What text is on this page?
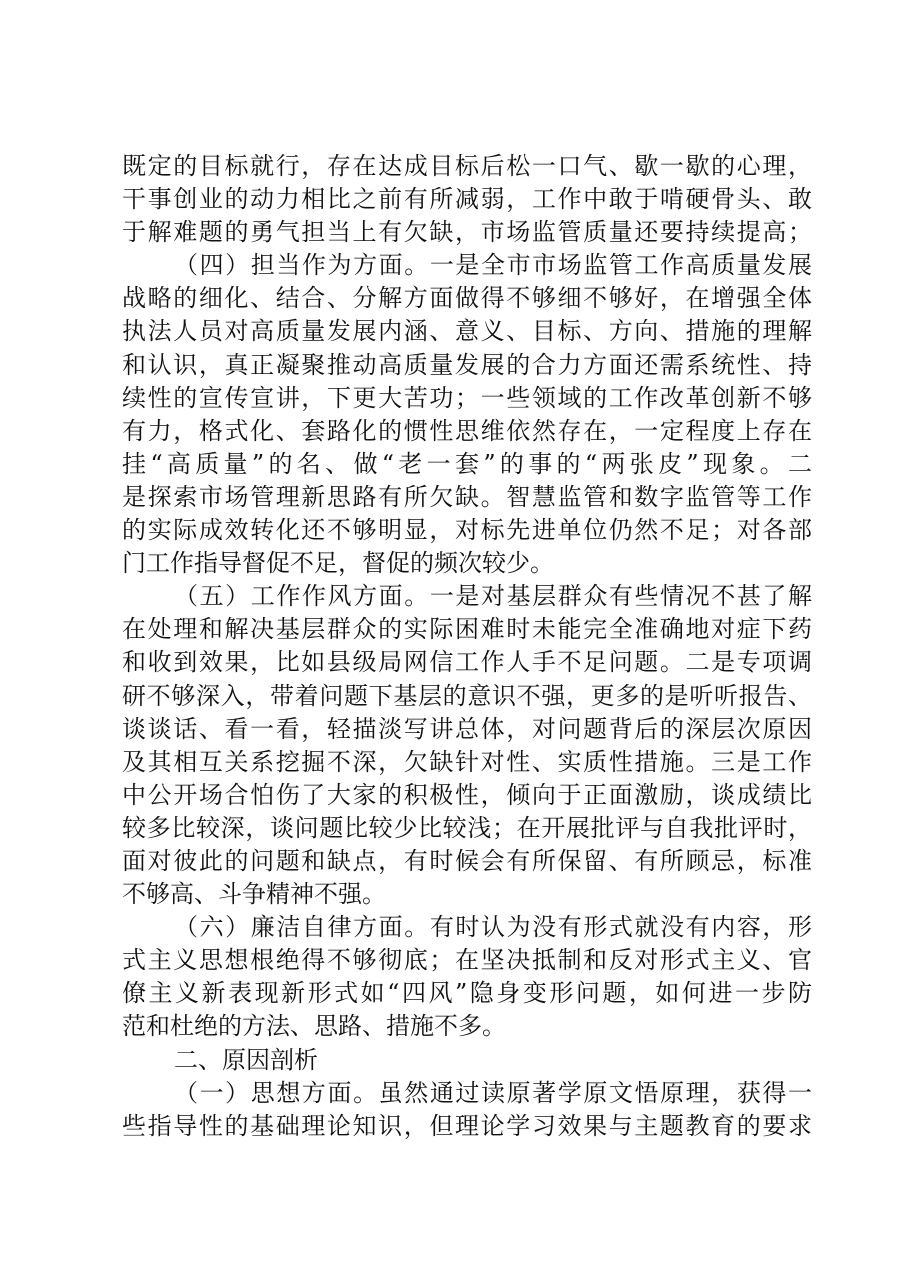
既定的目标就行，存在达成目标后松一口气、歇一歇的心理，
干事创业的动力相比之前有所减弱，工作中敢于啃硬骨头、敢
于解难题的勇气担当上有欠缺，市场监管质量还要持续提高；
（四）担当作为方面。一是全市市场监管工作高质量发展
战略的细化、结合、分解方面做得不够细不够好，在增强全体
执法人员对高质量发展内涵、意义、目标、方向、措施的理解
和认识，真正凝聚推动高质量发展的合力方面还需系统性、持
续性的宣传宣讲，下更大苦功；一些领域的工作改革创新不够
有力，格式化、套路化的惯性思维依然存在，一定程度上存在
挂“高质量”的名、做“老一套”的事的“两张皮”现象。二
是探索市场管理新思路有所欠缺。智慧监管和数字监管等工作
的实际成效转化还不够明显，对标先进单位仍然不足；对各部
门工作指导督促不足，督促的频次较少。
（五）工作作风方面。一是对基层群众有些情况不甚了解
在处理和解决基层群众的实际困难时未能完全准确地对症下药
和收到效果，比如县级局网信工作人手不足问题。二是专项调
研不够深入，带着问题下基层的意识不强，更多的是听听报告、
谈谈话、看一看，轻描淡写讲总体，对问题背后的深层次原因
及其相互关系挖掘不深，欠缺针对性、实质性措施。三是工作
中公开场合怕伤了大家的积极性，倾向于正面激励，谈成绩比
较多比较深，谈问题比较少比较浅；在开展批评与自我批评时，
面对彼此的问题和缺点，有时候会有所保留、有所顾忌，标准
不够高、斗争精神不强。
（六）廉洁自律方面。有时认为没有形式就没有内容，形
式主义思想根绝得不够彻底；在坚决抵制和反对形式主义、官
僚主义新表现新形式如“四风”隐身变形问题，如何进一步防
范和杜绝的方法、思路、措施不多。
二、原因剖析
（一）思想方面。虽然通过读原著学原文悟原理，获得一
些指导性的基础理论知识，但理论学习效果与主题教育的要求
